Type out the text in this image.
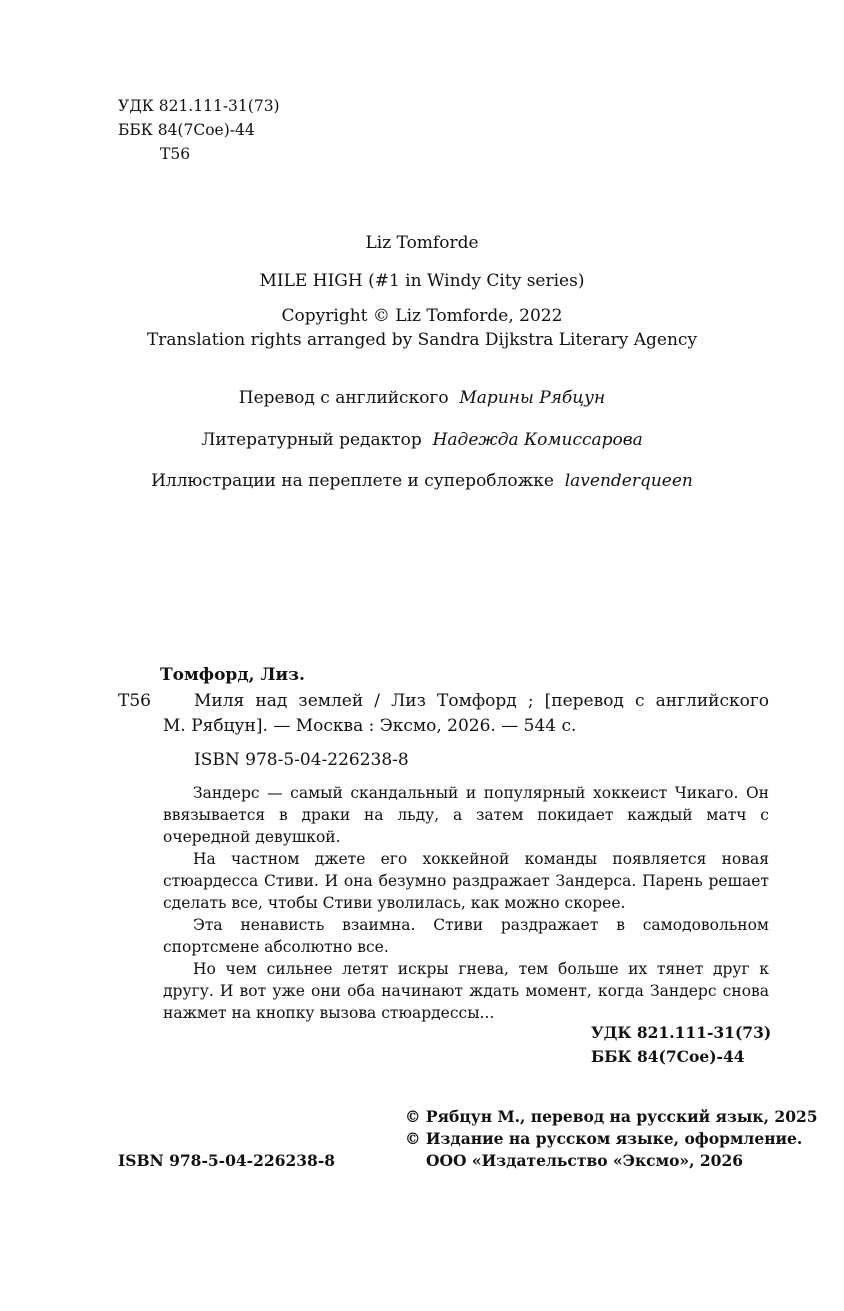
УДК 821.111-31(73)
ББК 84(7Сое)-44
Т56
Liz Tomforde
MILE HIGH (#1 in Windy City series)
Copyright © Liz Tomforde, 2022
Translation rights arranged by Sandra Dijkstra Literary Agency
Перевод с английского Марины Рябцун
Литературный редактор Надежда Комиссарова
Иллюстрации на переплете и суперобложке lavenderqueen
Томфорд, Лиз.
Т56	Миля над землей / Лиз Томфорд ; [перевод с английского
М. Рябцун]. — Москва : Эксмо, 2026. — 544 с.
ISBN 978-5-04-226238-8

Зандерс — самый скандальный и популярный хоккеист Чикаго. Он ввязывается в драки на льду, а затем покидает каждый матч с очередной девушкой.

На частном джете его хоккейной команды появляется новая стюардесса Стиви. И она безумно раздражает Зандерса. Парень решает сделать все, чтобы Стиви уволилась, как можно скорее.

Эта ненависть взаимна. Стиви раздражает в самодовольном спортсмене абсолютно все.

Но чем сильнее летят искры гнева, тем больше их тянет друг к другу. И вот уже они оба начинают ждать момент, когда Зандерс снова нажмет на кнопку вызова стюардессы...

УДК 821.111-31(73)
ББК 84(7Сое)-44
© Рябцун М., перевод на русский язык, 2025
© Издание на русском языке, оформление.
ISBN 978-5-04-226238-8	ООО «Издательство «Эксмо», 2026
